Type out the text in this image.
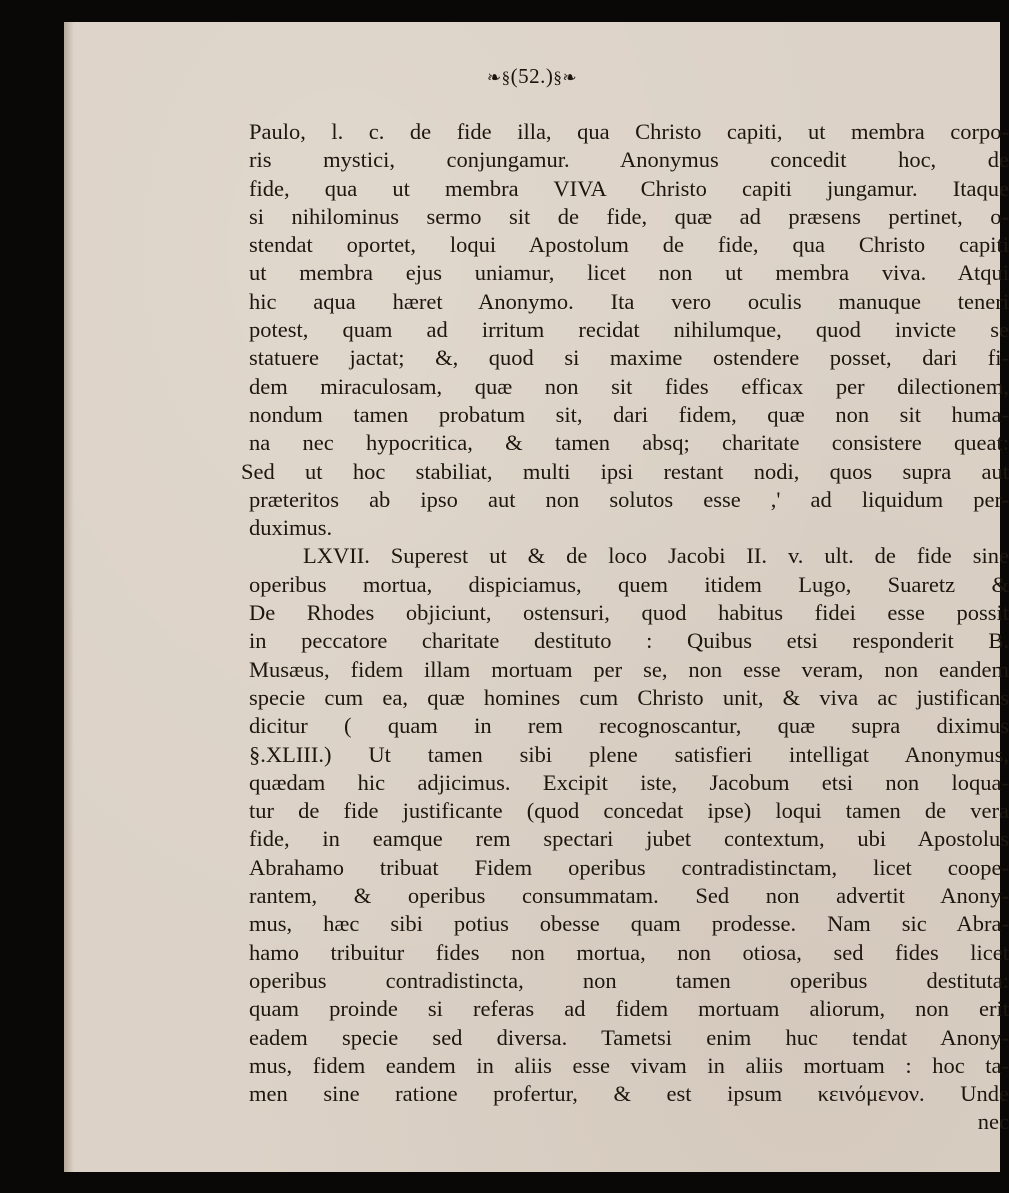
❧§(52.)§❧
Paulo, l. c. de fide illa, qua Christo capiti, ut membra corpo-
ris mystici, conjungamur. Anonymus concedit hoc, de
fide, qua ut membra VIVA Christo capiti jungamur. Itaque
si nihilominus sermo sit de fide, quæ ad præsens pertinet, o-
stendat oportet, loqui Apostolum de fide, qua Christo capiti
ut membra ejus uniamur, licet non ut membra viva. Atqui
hic aqua hæret Anonymo. Ita vero oculis manuque teneri
potest, quam ad irritum recidat nihilumque, quod invicte se
statuere jactat; &, quod si maxime ostendere posset, dari fi-
dem miraculosam, quæ non sit fides efficax per dilectionem,
nondum tamen probatum sit, dari fidem, quæ non sit huma-
na nec hypocritica, & tamen absq; charitate consistere queat:
Sed ut hoc stabiliat, multi ipsi restant nodi, quos supra aut
præteritos ab ipso aut non solutos esse ,' ad liquidum per-
duximus.
LXVII. Superest ut & de loco Jacobi II. v. ult. de fide sine
operibus mortua, dispiciamus, quem itidem Lugo, Suaretz &
De Rhodes objiciunt, ostensuri, quod habitus fidei esse possit
in peccatore charitate destituto : Quibus etsi responderit B.
Musæus, fidem illam mortuam per se, non esse veram, non eandem
specie cum ea, quæ homines cum Christo unit, & viva ac justificans
dicitur ( quam in rem recognoscantur, quæ supra diximus
§.XLIII.) Ut tamen sibi plene satisfieri intelligat Anonymus,
quædam hic adjicimus. Excipit iste, Jacobum etsi non loqua-
tur de fide justificante (quod concedat ipse) loqui tamen de vera
fide, in eamque rem spectari jubet contextum, ubi Apostolus
Abrahamo tribuat Fidem operibus contradistinctam, licet coope-
rantem, & operibus consummatam. Sed non advertit Anony-
mus, hæc sibi potius obesse quam prodesse. Nam sic Abra-
hamo tribuitur fides non mortua, non otiosa, sed fides licet
operibus contradistincta, non tamen operibus destituta:
quam proinde si referas ad fidem mortuam aliorum, non erit
eadem specie sed diversa. Tametsi enim huc tendat Anony-
mus, fidem eandem in aliis esse vivam in aliis mortuam : hoc ta-
men sine ratione profertur, & est ipsum κεινόμενον. Unde
nec
